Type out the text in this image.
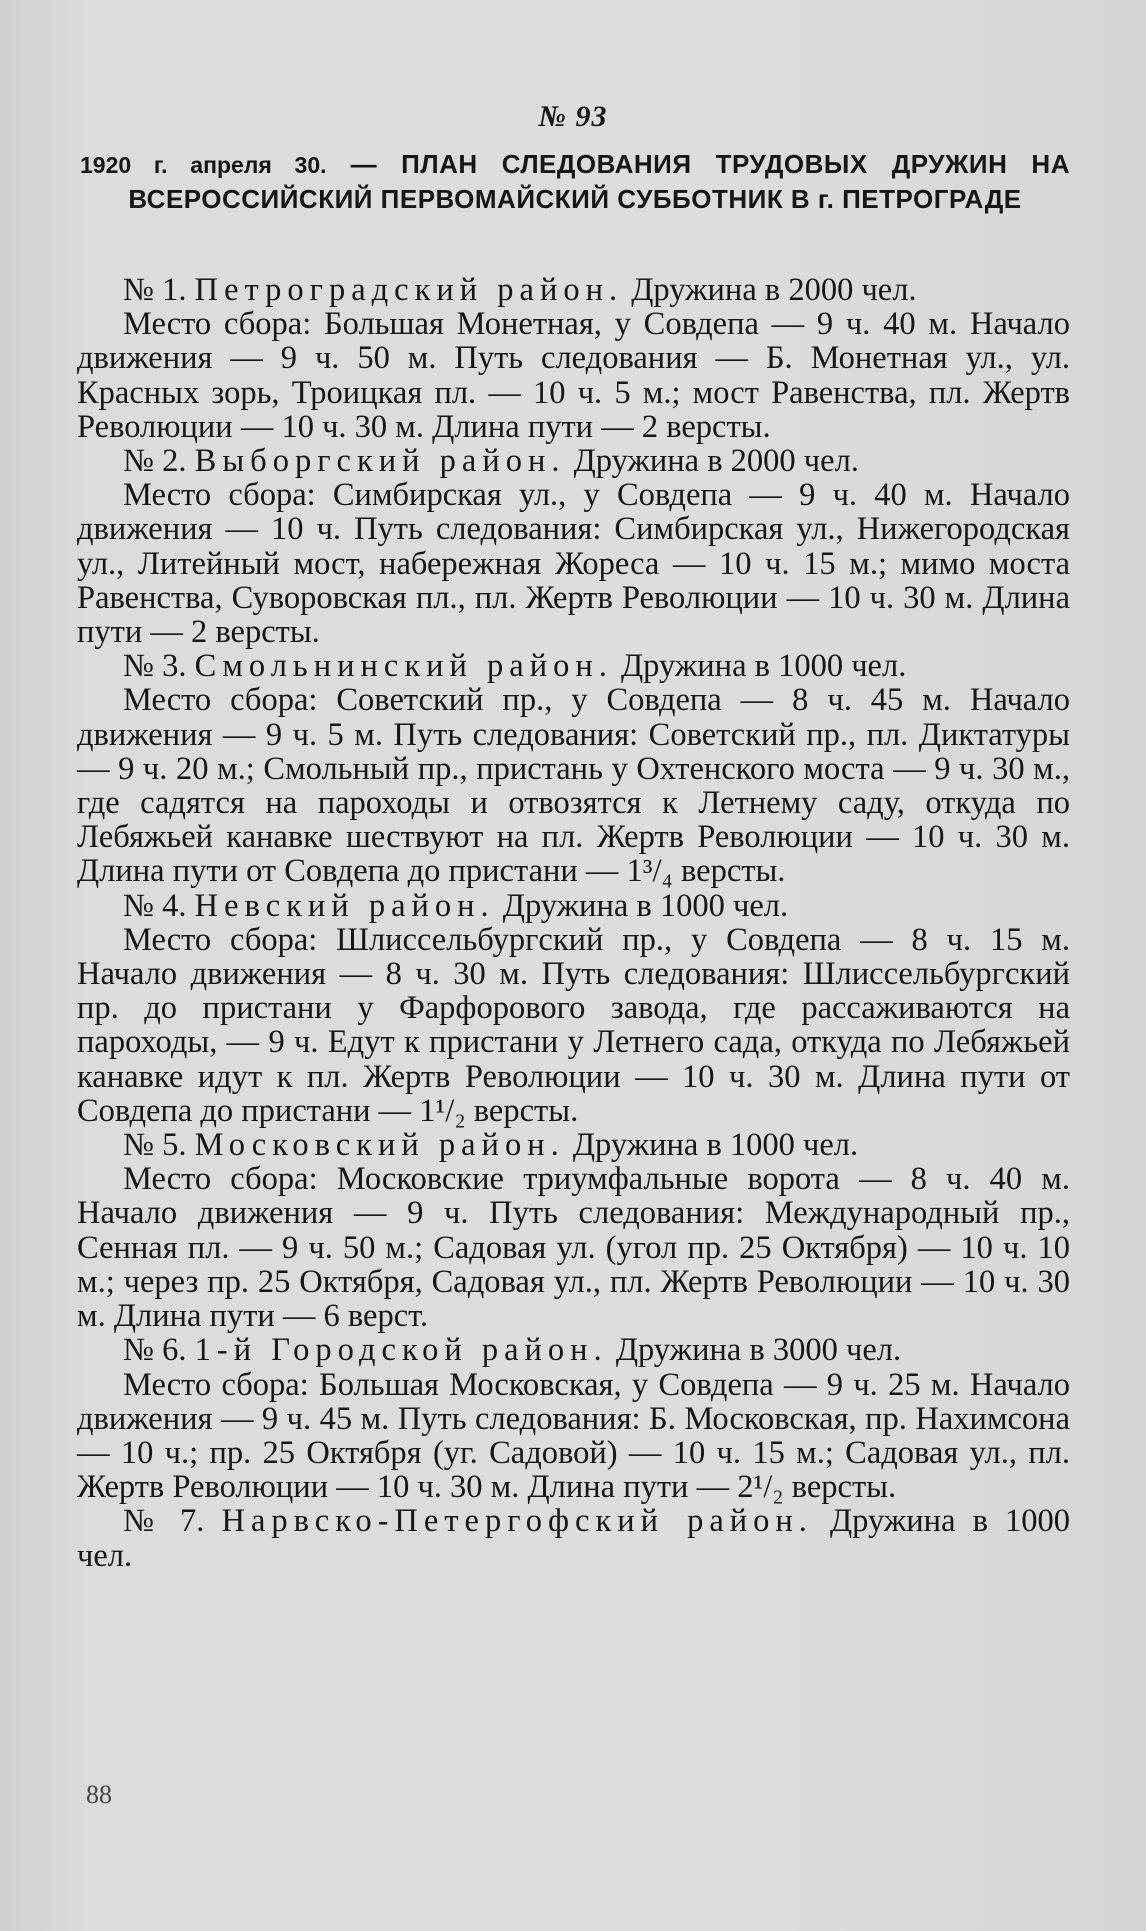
№ 93
1920 г. апреля 30. — ПЛАН СЛЕДОВАНИЯ ТРУДОВЫХ ДРУЖИН НА ВСЕРОССИЙСКИЙ ПЕРВОМАЙСКИЙ СУББОТНИК В г. ПЕТРОГРАДЕ

№ 1. Петроградский район. Дружина в 2000 чел.

Место сбора: Большая Монетная, у Совдепа — 9 ч. 40 м. Начало движения — 9 ч. 50 м. Путь следования — Б. Монетная ул., ул. Красных зорь, Троицкая пл. — 10 ч. 5 м.; мост Равенства, пл. Жертв Революции — 10 ч. 30 м. Длина пути — 2 версты.

№ 2. Выборгский район. Дружина в 2000 чел.

Место сбора: Симбирская ул., у Совдепа — 9 ч. 40 м. Начало движения — 10 ч. Путь следования: Симбирская ул., Нижегородская ул., Литейный мост, набережная Жореса — 10 ч. 15 м.; мимо моста Равенства, Суворовская пл., пл. Жертв Революции — 10 ч. 30 м. Длина пути — 2 версты.

№ 3. Смольнинский район. Дружина в 1000 чел.

Место сбора: Советский пр., у Совдепа — 8 ч. 45 м. Начало движения — 9 ч. 5 м. Путь следования: Советский пр., пл. Диктатуры — 9 ч. 20 м.; Смольный пр., пристань у Охтенского моста — 9 ч. 30 м., где садятся на пароходы и отвозятся к Летнему саду, откуда по Лебяжьей канавке шествуют на пл. Жертв Революции — 10 ч. 30 м. Длина пути от Совдепа до пристани — 1³/₄ версты.

№ 4. Невский район. Дружина в 1000 чел.

Место сбора: Шлиссельбургский пр., у Совдепа — 8 ч. 15 м. Начало движения — 8 ч. 30 м. Путь следования: Шлиссельбургский пр. до пристани у Фарфорового завода, где рассаживаются на пароходы, — 9 ч. Едут к пристани у Летнего сада, откуда по Лебяжьей канавке идут к пл. Жертв Революции — 10 ч. 30 м. Длина пути от Совдепа до пристани — 1¹/₂ версты.

№ 5. Московский район. Дружина в 1000 чел.

Место сбора: Московские триумфальные ворота — 8 ч. 40 м. Начало движения — 9 ч. Путь следования: Международный пр., Сенная пл. — 9 ч. 50 м.; Садовая ул. (угол пр. 25 Октября) — 10 ч. 10 м.; через пр. 25 Октября, Садовая ул., пл. Жертв Революции — 10 ч. 30 м. Длина пути — 6 верст.

№ 6. 1-й Городской район. Дружина в 3000 чел.

Место сбора: Большая Московская, у Совдепа — 9 ч. 25 м. Начало движения — 9 ч. 45 м. Путь следования: Б. Московская, пр. Нахимсона — 10 ч.; пр. 25 Октября (уг. Садовой) — 10 ч. 15 м.; Садовая ул., пл. Жертв Революции — 10 ч. 30 м. Длина пути — 2¹/₂ версты.

№ 7. Нарвско-Петергофский район. Дружина в 1000 чел.

88
